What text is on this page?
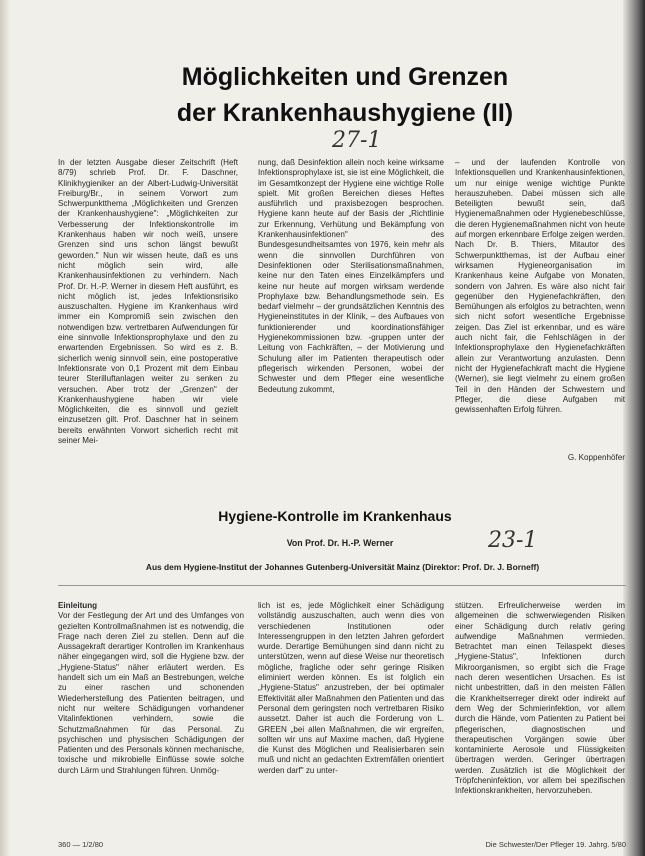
Möglichkeiten und Grenzen
der Krankenhaushygiene (II)
27-1

In der letzten Ausgabe dieser Zeitschrift (Heft 8/79) schrieb Prof. Dr. F. Daschner, Klinikhygieniker an der Albert-Ludwig-Universität Freiburg/Br., in seinem Vorwort zum Schwerpunktthema „Möglichkeiten und Grenzen der Krankenhaushygiene": „Möglichkeiten zur Verbesserung der Infektionskontrolle im Krankenhaus haben wir noch weiß, unsere Grenzen sind uns schon längst bewußt geworden." Nun wir wissen heute, daß es uns nicht möglich sein wird, alle Krankenhausinfektionen zu verhindern. Nach Prof. Dr. H.-P. Werner in diesem Heft ausführt, es nicht möglich ist, jedes Infektionsrisiko auszuschalten. Hygiene im Krankenhaus wird immer ein Kompromiß sein zwischen den notwendigen bzw. vertretbaren Aufwendungen für eine sinnvolle Infektionsprophylaxe und den zu erwartenden Ergebnissen. So wird es z. B. sicherlich wenig sinnvoll sein, eine postoperative Infektionsrate von 0,1 Prozent mit dem Einbau teurer Sterilluftanlagen weiter zu senken zu versuchen. Aber trotz der „Grenzen" der Krankenhaushygiene haben wir viele Möglichkeiten, die es sinnvoll und gezielt einzusetzen gilt. Prof. Daschner hat in seinem bereits erwähnten Vorwort sicherlich recht mit seiner Mei-

nung, daß Desinfektion allein noch keine wirksame Infektionsprophylaxe ist, sie ist eine Möglichkeit, die im Gesamtkonzept der Hygiene eine wichtige Rolle spielt. Mit großen Bereichen dieses Heftes ausführlich und praxisbezogen besprochen. Hygiene kann heute auf der Basis der „Richtlinie zur Erkennung, Verhütung und Bekämpfung von Krankenhausinfektionen" des Bundesgesundheitsamtes von 1976, kein mehr als wenn die sinnvollen Durchführen von Desinfektionen oder Sterilisationsmaßnahmen, keine nur den Taten eines Einzelkämpfers und keine nur heute auf morgen wirksam werdende Prophylaxe bzw. Behandlungsmethode sein. Es bedarf vielmehr – der grundsätzlichen Kenntnis des Hygieneinstitutes in der Klinik, – des Aufbaues von funktionierender und koordinationsfähiger Hygienekommissionen bzw. -gruppen unter der Leitung von Fachkräften, – der Motivierung und Schulung aller im Patienten therapeutisch oder pflegerisch wirkenden Personen, wobei der Schwester und dem Pfleger eine wesentliche Bedeutung zukommt,

– und der laufenden Kontrolle von Infektionsquellen und Krankenhausinfektionen, um nur einige wenige wichtige Punkte herauszuheben. Dabei müssen sich alle Beteiligten bewußt sein, daß Hygienemaßnahmen oder Hygienebeschlüsse, die deren Hygienemaßnahmen nicht von heute auf morgen erkennbare Erfolge zeigen werden. Nach Dr. B. Thiers, Mitautor des Schwerpunktthemas, ist der Aufbau einer wirksamen Hygieneorganisation im Krankenhaus keine Aufgabe von Monaten, sondern von Jahren. Es wäre also nicht fair gegenüber den Hygienefachkräften, den Bemühungen als erfolglos zu betrachten, wenn sich nicht sofort wesentliche Ergebnisse zeigen. Das Ziel ist erkennbar, und es wäre auch nicht fair, die Fehlschlägen in der Infektionsprophylaxe den Hygienefachkräften allein zur Verantwortung anzulasten. Denn nicht der Hygienefachkraft macht die Hygiene (Werner), sie liegt vielmehr zu einem großen Teil in den Händen der Schwestern und Pfleger, die diese Aufgaben mit gewissenhaften Erfolg führen.

G. Koppenhöfer
Hygiene-Kontrolle im Krankenhaus
23-1
Von Prof. Dr. H.-P. Werner
Aus dem Hygiene-Institut der Johannes Gutenberg-Universität Mainz (Direktor: Prof. Dr. J. Borneff)

Einleitung

Vor der Festlegung der Art und des Umfanges von gezielten Kontrollmaßnahmen ist es notwendig, die Frage nach deren Ziel zu stellen. Denn auf die Aussagekraft derartiger Kontrollen im Krankenhaus näher eingegangen wird, soll die Hygiene bzw. der „Hygiene-Status" näher erläutert werden. Es handelt sich um ein Maß an Bestrebungen, welche zu einer raschen und schonenden Wiederherstellung des Patienten beitragen, und nicht nur weitere Schädigungen vorhandener Vitalinfektionen verhindern, sowie die Schutzmaßnahmen für das Personal. Zu psychischen und physischen Schädigungen der Patienten und des Personals können mechanische, toxische und mikrobielle Einflüsse sowie solche durch Lärm und Strahlungen führen. Unmög-

lich ist es, jede Möglichkeit einer Schädigung vollständig auszuschalten, auch wenn dies von verschiedenen Institutionen oder Interessengruppen in den letzten Jahren gefordert wurde. Derartige Bemühungen sind dann nicht zu unterstützen, wenn auf diese Weise nur theoretisch mögliche, fragliche oder sehr geringe Risiken eliminiert werden können. Es ist folglich ein „Hygiene-Status" anzustreben, der bei optimaler Effektivität aller Maßnahmen den Patienten und das Personal dem geringsten noch vertretbaren Risiko aussetzt. Daher ist auch die Forderung von L. GREEN „bei allen Maßnahmen, die wir ergreifen, sollten wir uns auf Maxime machen, daß Hygiene die Kunst des Möglichen und Realisierbaren sein muß und nicht an gedachten Extremfällen orientiert werden darf" zu unter-

stützen. Erfreulicherweise werden im allgemeinen die schwerwiegenden Risiken einer Schädigung durch relativ gering aufwendige Maßnahmen vermieden. Betrachtet man einen Teilaspekt dieses „Hygiene-Status", Infektionen durch Mikroorganismen, so ergibt sich die Frage nach deren wesentlichen Ursachen. Es ist nicht unbestritten, daß in den meisten Fällen die Krankheitserreger direkt oder indirekt auf dem Weg der Schmierinfektion, vor allem durch die Hände, vom Patienten zu Patient bei pflegerischen, diagnostischen und therapeutischen Vorgängen sowie über kontaminierte Aerosole und Flüssigkeiten übertragen werden. Geringer übertragen werden. Zusätzlich ist die Möglichkeit der Tröpfcheninfektion, vor allem bei spezifischen Infektionskrankheiten, hervorzuheben.

360 — 1/2/80	Die Schwester/Der Pfleger 19. Jahrg. 5/80
